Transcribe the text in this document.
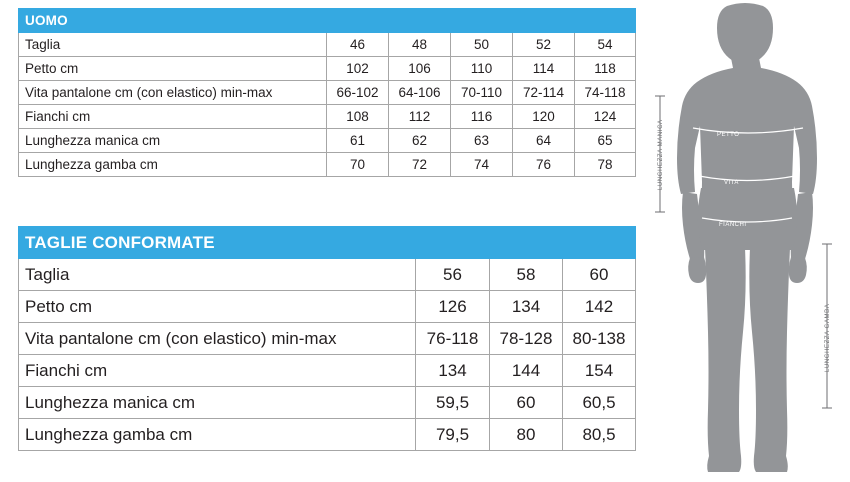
UOMO					
Taglia	46	48	50	52	54
Petto cm	102	106	110	114	118
Vita pantalone cm (con elastico) min-max	66-102	64-106	70-110	72-114	74-118
Fianchi cm	108	112	116	120	124
Lunghezza manica cm	61	62	63	64	65
Lunghezza gamba cm	70	72	74	76	78
TAGLIE CONFORMATE			
Taglia	56	58	60
Petto cm	126	134	142
Vita pantalone cm (con elastico) min-max	76-118	78-128	80-138
Fianchi cm	134	144	154
Lunghezza manica cm	59,5	60	60,5
Lunghezza gamba cm	79,5	80	80,5
PETTO
VITA
FIANCHI
LUNGHEZZA MANICA
LUNGHEZZA GAMBA
